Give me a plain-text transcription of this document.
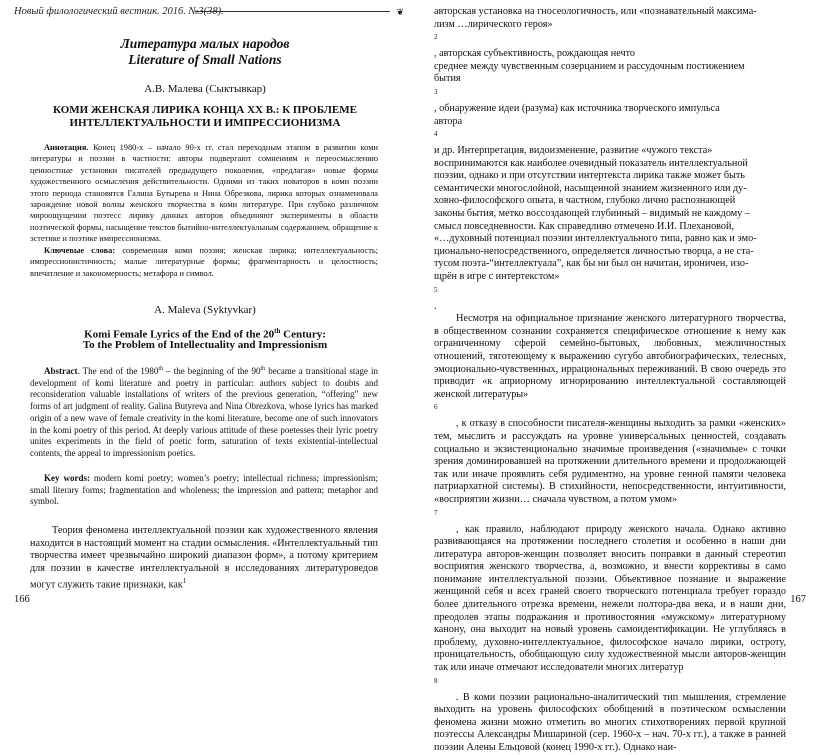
Новый филологический вестник. 2016. №3(38).	❦
Литература малых народов
Literature of Small Nations
А.В. Малева (Сыктывкар)
КОМИ ЖЕНСКАЯ ЛИРИКА КОНЦА ХХ В.: К ПРОБЛЕМЕ
ИНТЕЛЛЕКТУАЛЬНОСТИ И ИМПРЕССИОНИЗМА

Аннотация. Конец 1980-х – начало 90-х гг. стал переходным этапом в развитии коми литературы и поэзии в частности: авторы подвергают сомнениям и переосмыслению ценностные установки писателей предыдущего поколения, «предлагая» новые формы художественного осмысления действительности. Одними из таких новаторов в коми поэзии этого периода становятся Галина Бутырева и Нина Обрезкова, лирика которых ознаменовала зарождение новой волны женского творчества в коми литературе. При глубоко различном мироощущении поэтесс лирику данных авторов объединяют эксперименты в области поэтической формы, насыщение текстов бытийно-интеллектуальным содержанием, обращение к эстетике и поэтике импрессионизма.

Ключевые слова: современная коми поэзия; женская лирика; интеллектуальность; импрессионистичность; малые литературные формы; фрагментарность и целостность; впечатление и закономерность; метафора и символ.

A. Maleva (Syktyvkar)
Komi Female Lyrics of the End of the 20th Century:
To the Problem of Intellectuality and Impressionism

Abstract. The end of the 1980th – the beginning of the 90th became a transitional stage in development of komi literature and poetry in particular: authors subject to doubts and reconsideration valuable installations of writers of the previous generation, “offering” new forms of art judgment of reality. Galina Butyreva and Nina Obrezkova, whose lyrics has marked origin of a new wave of female creativity in the komi literature, become one of such innovators in the komi poetry of this period. At deeply various attitude of these poetesses their lyric poetry unites experiments in the field of poetic form, saturation of texts existential-intellectual contents, the appeal to impressionism poetics.

Key words: modern komi poetry; women’s poetry; intellectual richness; impressionism; small literary forms; fragmentation and wholeness; the impression and pattern; metaphor and symbol.

Теория феномена интеллектуальной поэзии как художественного явления находится в настоящий момент на стадии осмысления. «Интеллектуальный тип творчества имеет чрезвычайно широкий диапазон форм», а потому критерием для поэзии в качестве интеллектуальной в исследованиях литературоведов могут служить такие признаки, как$^1$

166
авторская установка на гносеологичность, или «познавательный максима-
лизм …лирического героя»
$^2$
, авторская субъективность, рождающая нечто
среднее между чувственным созерцанием и рассудочным постижением
бытия
$^3$
, обнаружение идеи (разума) как источника творческого импульса
автора
$^4$
и др. Интерпретация, видоизменение, развитие «чужого текста»
воспринимаются как наиболее очевидный показатель интеллектуальной
поэзии, однако и при отсутствии интертекста лирика также может быть
семантически многослойной, насыщенной знанием жизненного или ду-
ховно-философского опыта, в частном, глубоко лично распознающей
законы бытия, метко воссоздающей глубинный – видимый не каждому –
смысл повседневности. Как справедливо отмечено И.И. Плехановой,
«…духовный потенциал поэзии интеллектуального типа, равно как и эмо-
ционально-непосредственного, определяется личностью творца, а не ста-
тусом поэта-“интеллектуала”, как бы ни был он начитан, ироничен, изо-
щрён в игре с интертекстом»
$^5$
.
Несмотря на официальное признание женского литературного творчества, в общественном сознании сохраняется специфическое отношение к нему как ограниченному сферой семейно-бытовых, любовных, межличностных отношений, тяготеющему к выражению сугубо автобиографических, телесных, эмоционально-чувственных, иррациональных переживаний. В свою очередь это приводит «к априорному игнорированию интеллектуальной составляющей женской литературы»
$^6$
, к отказу в способности писателя-женщины выходить за рамки «женских» тем, мыслить и рассуждать на уровне универсальных ценностей, создавать социально и экзистенционально значимые произведения («значимые» с точки зрения доминировавшей на протяжении длительного времени и продолжающей так или иначе проявлять себя рудиментно, на уровне генной памяти человека патриархатной системы). В стихийности, непосредственности, интуитивности, «восприятии жизни… сначала чувством, а потом умом»
$^7$
, как правило, наблюдают природу женского начала. Однако активно развивающаяся на протяжении последнего столетия и особенно в наши дни литература авторов-женщин позволяет вносить поправки в данный стереотип восприятия женского творчества, а, возможно, и внести коррективы в само понимание интеллектуальной поэзии. Объективное познание и выражение женщиной себя и всех граней своего творческого потенциала требует гораздо более длительного отрезка времени, нежели полтора-два века, и в наши дни, преодолев этапы подражания и противостояния «мужскому» литературному канону, она выходит на новый уровень самоидентификации. Не углубляясь в проблему, духовно-интеллектуальное, философское начало лирики, остроту, проницательность, обобщающую силу художественной мысли авторов-женщин так или иначе отмечают исследователи многих литератур
$^8$
. В коми поэзии рационально-аналитический тип мышления, стремление выходить на уровень философских обобщений в поэтическом осмыслении феномена жизни можно отметить во многих стихотворениях первой крупной поэтессы Александры Мишариной (сер. 1960-х – нач. 70-х гг.), а также в ранней поэзии Алены Ельцовой (конец 1990-х гг.). Однако наи-
167
